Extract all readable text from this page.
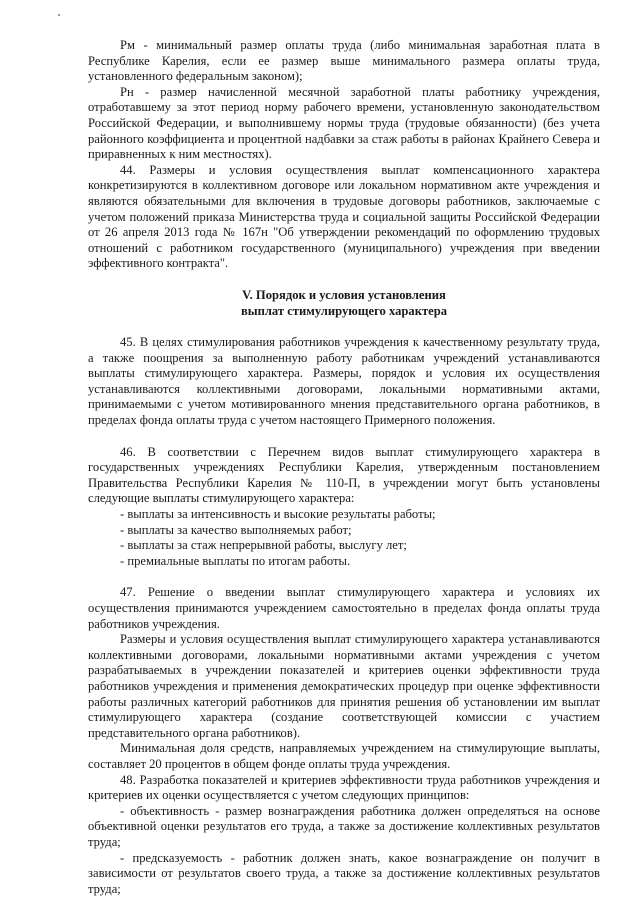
Рм - минимальный размер оплаты труда (либо минимальная заработная плата в Республике Карелия, если ее размер выше минимального размера оплаты труда, установленного федеральным законом);

Рн - размер начисленной месячной заработной платы работнику учреждения, отработавшему за этот период норму рабочего времени, установленную законодательством Российской Федерации, и выполнившему нормы труда (трудовые обязанности) (без учета районного коэффициента и процентной надбавки за стаж работы в районах Крайнего Севера и приравненных к ним местностях).

44. Размеры и условия осуществления выплат компенсационного характера конкретизируются в коллективном договоре или локальном нормативном акте учреждения и являются обязательными для включения в трудовые договоры работников, заключаемые с учетом положений приказа Министерства труда и социальной защиты Российской Федерации от 26 апреля 2013 года № 167н "Об утверждении рекомендаций по оформлению трудовых отношений с работником государственного (муниципального) учреждения при введении эффективного контракта".

V. Порядок и условия установления
выплат стимулирующего характера

45. В целях стимулирования работников учреждения к качественному результату труда, а также поощрения за выполненную работу работникам учреждений устанавливаются выплаты стимулирующего характера. Размеры, порядок и условия их осуществления устанавливаются коллективными договорами, локальными нормативными актами, принимаемыми с учетом мотивированного мнения представительного органа работников, в пределах фонда оплаты труда с учетом настоящего Примерного положения.

46. В соответствии с Перечнем видов выплат стимулирующего характера в государственных учреждениях Республики Карелия, утвержденным постановлением Правительства Республики Карелия № 110-П, в учреждении могут быть установлены следующие выплаты стимулирующего характера:

- выплаты за интенсивность и высокие результаты работы;

- выплаты за качество выполняемых работ;

- выплаты за стаж непрерывной работы, выслугу лет;

- премиальные выплаты по итогам работы.

47. Решение о введении выплат стимулирующего характера и условиях их осуществления принимаются учреждением самостоятельно в пределах фонда оплаты труда работников учреждения.

Размеры и условия осуществления выплат стимулирующего характера устанавливаются коллективными договорами, локальными нормативными актами учреждения с учетом разрабатываемых в учреждении показателей и критериев оценки эффективности труда работников учреждения и применения демократических процедур при оценке эффективности работы различных категорий работников для принятия решения об установлении им выплат стимулирующего характера (создание соответствующей комиссии с участием представительного органа работников).

Минимальная доля средств, направляемых учреждением на стимулирующие выплаты, составляет 20 процентов в общем фонде оплаты труда учреждения.

48. Разработка показателей и критериев эффективности труда работников учреждения и критериев их оценки осуществляется с учетом следующих принципов:

- объективность - размер вознаграждения работника должен определяться на основе объективной оценки результатов его труда, а также за достижение коллективных результатов труда;

- предсказуемость - работник должен знать, какое вознаграждение он получит в зависимости от результатов своего труда, а также за достижение коллективных результатов труда;
